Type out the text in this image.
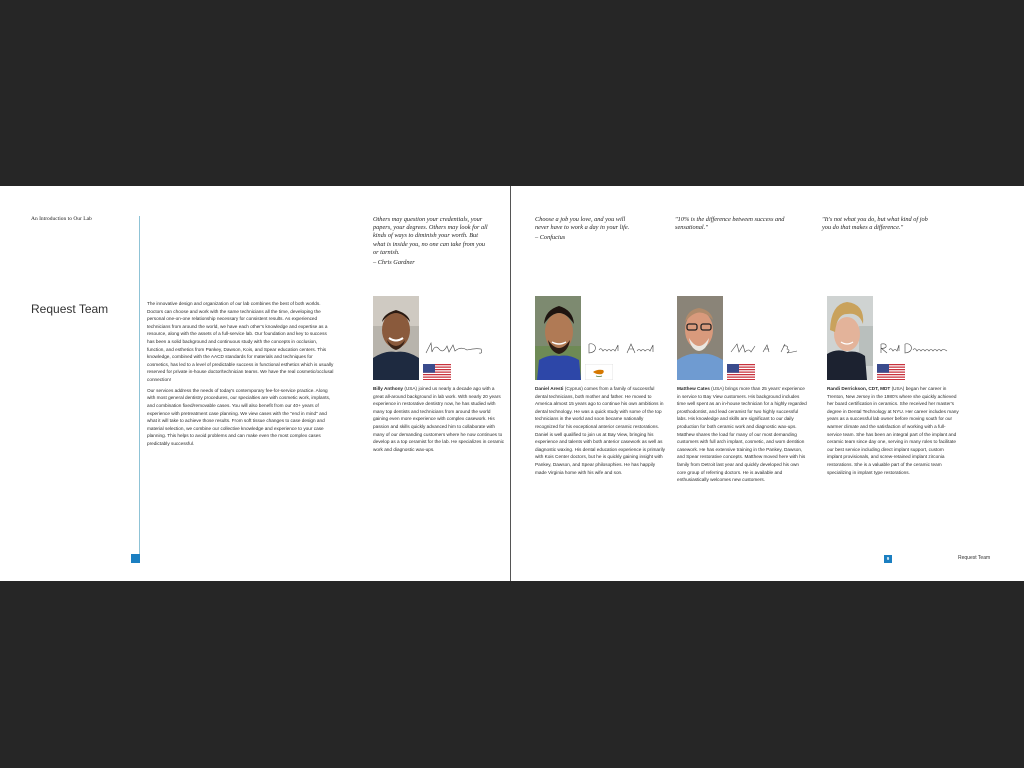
An Introduction to Our Lab
Request Team	The innovative design and organization of our lab combines the best of both worlds. Doctors can choose and work with the same technicians all the time, developing the personal one-on-one relationship necessary for consistent results. As experienced technicians from around the world, we have each other's knowledge and expertise as a resource, along with the assets of a full-service lab. Our foundation and key to success has been a solid background and continuous study with the concepts in occlusion, function, and esthetics from Pankey, Dawson, Kois, and Spear education centers. This knowledge, combined with the AACD standards for materials and techniques for cosmetics, has led to a level of predictable success in functional esthetics which is usually reserved for private in-house doctor/technician teams. We have the real cosmetic/occlusal connection!

Our services address the needs of today's contemporary fee-for-service practice. Along with most general dentistry procedures, our specialties are with cosmetic work, implants, and combination fixed/removable cases. You will also benefit from our 40+ years of experience with pretreatment case planning. We view cases with the "end in mind" and what it will take to achieve those results. From soft tissue changes to case design and material selection, we combine our collective knowledge and experience to your case planning. This helps to avoid problems and can make even the most complex cases predictably successful.

Others may question your credentials, your papers, your degrees. Others may look for all kinds of ways to diminish your worth. But what is inside you, no one can take from you or tarnish.
– Chris Gardner
Choose a job you love, and you will never have to work a day in your life.
– Confucius
"10% is the difference between success and sensational."
"It's not what you do, but what kind of job you do that makes a difference."
Billy Anthony (USA) joined us nearly a decade ago with a great all-around background in lab work. With nearly 20 years experience in restorative dentistry now, he has studied with many top dentists and technicians from around the world gaining even more experience with complex casework. His passion and skills quickly advanced him to collaborate with many of our demanding customers where he now continues to develop as a top ceramist for the lab. He specializes in ceramic work and diagnostic wax-ups.
Daniel Aresti (Cyprus) comes from a family of successful dental technicians, both mother and father. He moved to America almost 15 years ago to continue his own ambitions in dental technology. He was a quick study with some of the top technicians in the world and soon became nationally recognized for his exceptional anterior ceramic restorations. Daniel is well qualified to join us at Bay View, bringing his experience and talents with both anterior casework as well as diagnostic waxing. His dental education experience is primarily with Kois Center doctors, but he is quickly gaining insight with Pankey, Dawson, and Spear philosophies. He has happily made Virginia home with his wife and son.
Matthew Cates (USA) brings more than 25 years' experience in service to Bay View customers. His background includes time well spent as an in-house technician for a highly regarded prosthodontist, and lead ceramist for two highly successful labs. His knowledge and skills are significant to our daily production for both ceramic work and diagnostic wax-ups. Matthew shares the load for many of our most demanding customers with full arch implant, cosmetic, and worn dentition casework. He has extensive training in the Pankey, Dawson, and Spear restorative concepts. Matthew moved here with his family from Detroit last year and quickly developed his own core group of referring doctors. He is available and enthusiastically welcomes new customers.
Randi Derrickson, CDT, MDT (USA) began her career in Trenton, New Jersey in the 1980's where she quickly achieved her board certification in ceramics. She received her master's degree in Dental Technology at NYU. Her career includes many years as a successful lab owner before moving south for our warmer climate and the satisfaction of working with a full-service team. She has been an integral part of the implant and ceramic team since day one, serving in many roles to facilitate our best service including direct implant support, custom implant provisionals, and screw-retained implant zirconia restorations. She is a valuable part of the ceramic team specializing in implant type restorations.
9	Request Team
